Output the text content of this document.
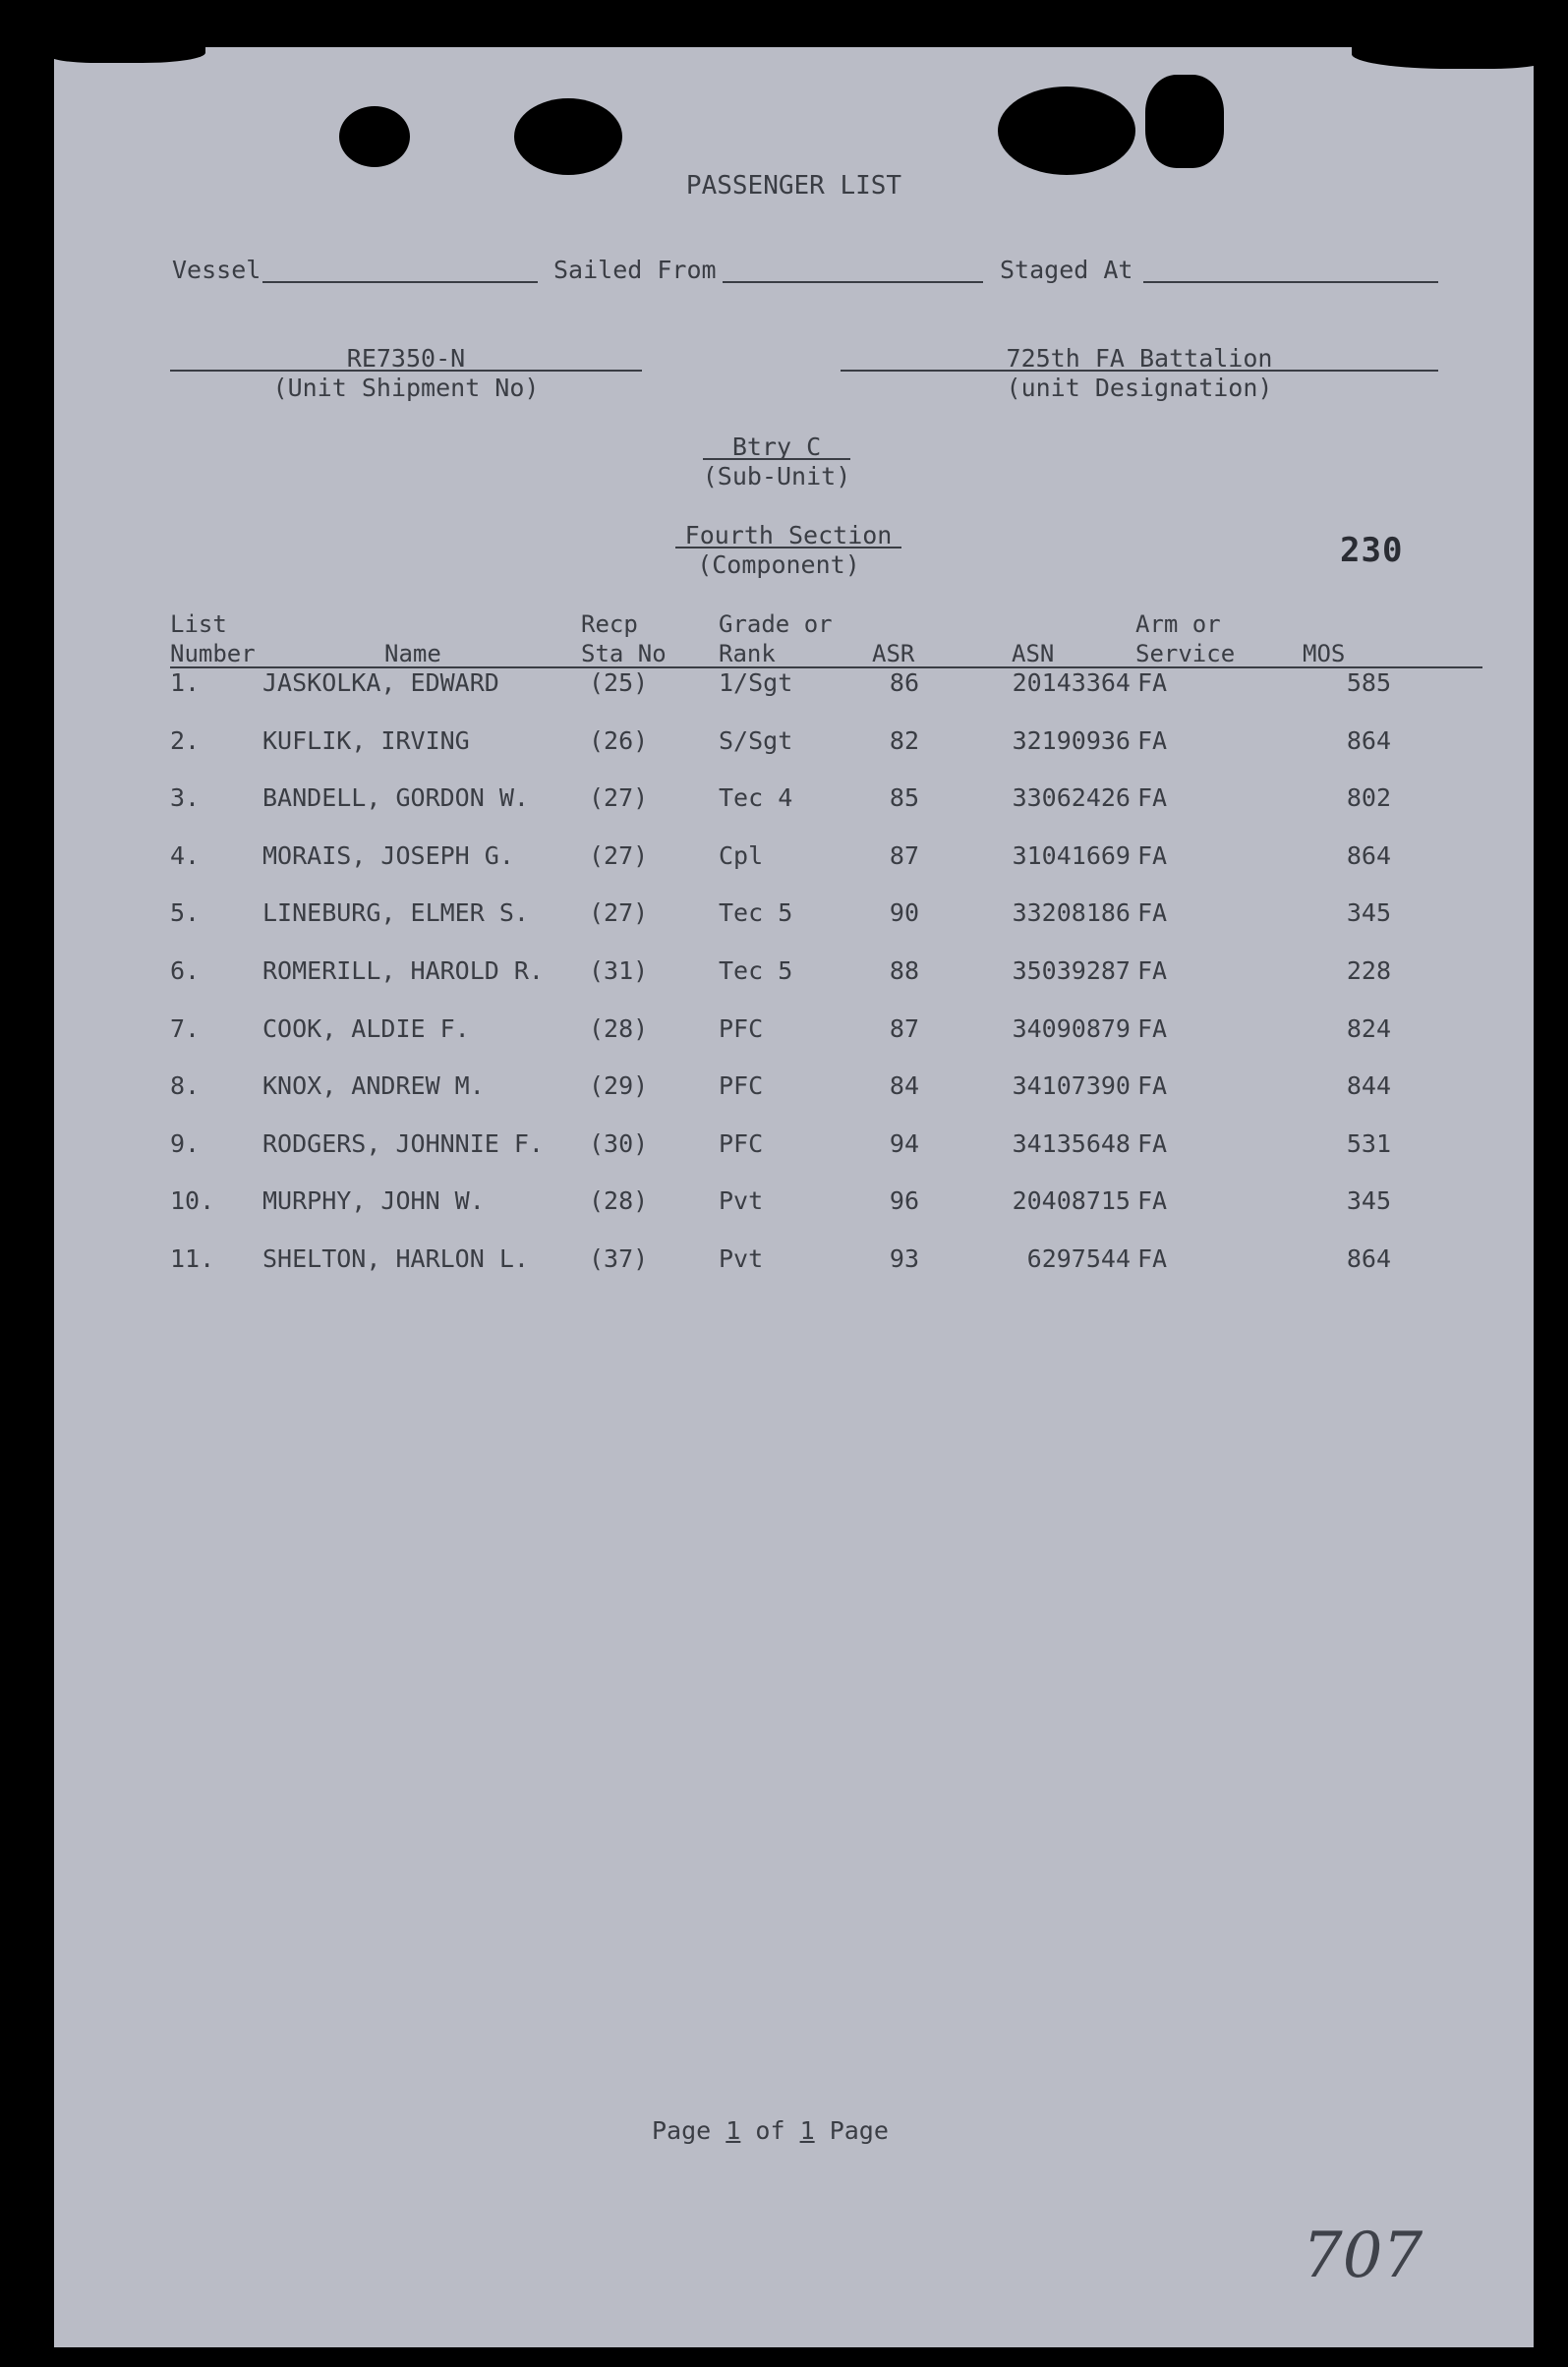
PASSENGER LIST
Vessel	Sailed From	Staged At
RE7350-N
(Unit Shipment No)
725th FA Battalion
(unit Designation)
Btry C
(Sub-Unit)
Fourth Section
(Component)	230
List
Number	Name
Recp
Sta No
Grade or
Rank	ASR	ASN
Arm or
Service	MOS
1.	JASKOLKA, EDWARD	(25)	1/Sgt	86	20143364 FA	585
2.	KUFLIK, IRVING	(26)	S/Sgt	82	32190936 FA	864
3.	BANDELL, GORDON W.	(27)	Tec 4	85	33062426 FA	802
4.	MORAIS, JOSEPH G.	(27)	Cpl	87	31041669 FA	864
5.	LINEBURG, ELMER S.	(27)	Tec 5	90	33208186 FA	345
6.	ROMERILL, HAROLD R.	(31)	Tec 5	88	35039287 FA	228
7.	COOK, ALDIE F.	(28)	PFC	87	34090879 FA	824
8.	KNOX, ANDREW M.	(29)	PFC	84	34107390 FA	844
9.	RODGERS, JOHNNIE F.	(30)	PFC	94	34135648 FA	531
10.	MURPHY, JOHN W.	(28)	Pvt	96	20408715 FA	345
11.	SHELTON, HARLON L.	(37)	Pvt	93	6297544 FA	864
Page 1 of 1 Page
707
